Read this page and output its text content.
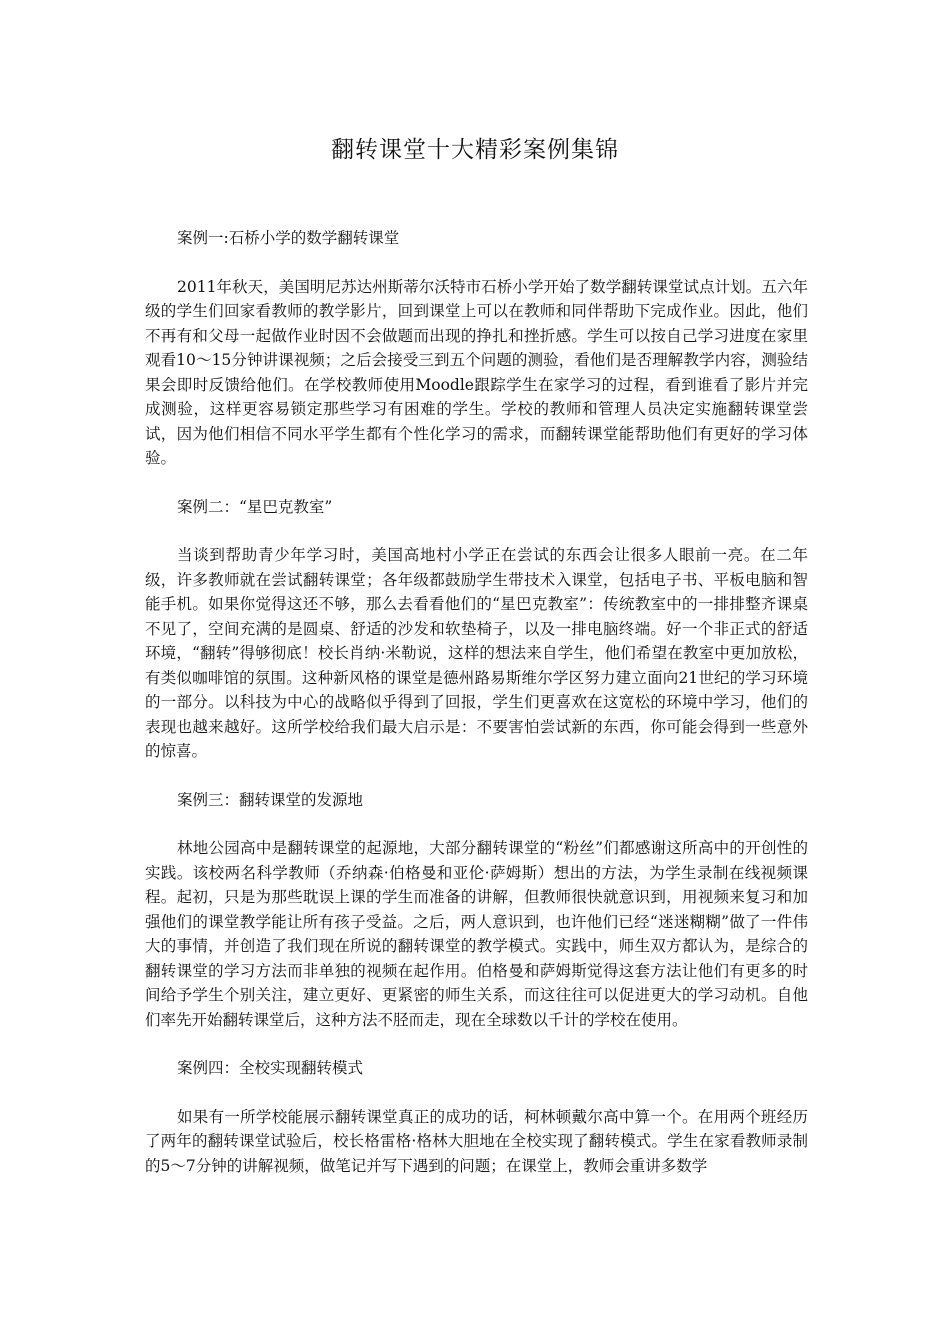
翻转课堂十大精彩案例集锦
案例一:石桥小学的数学翻转课堂

2011年秋天，美国明尼苏达州斯蒂尔沃特市石桥小学开始了数学翻转课堂试点计划。五六年级的学生们回家看教师的教学影片，回到课堂上可以在教师和同伴帮助下完成作业。因此，他们不再有和父母一起做作业时因不会做题而出现的挣扎和挫折感。学生可以按自己学习进度在家里观看10～15分钟讲课视频；之后会接受三到五个问题的测验，看他们是否理解教学内容，测验结果会即时反馈给他们。在学校教师使用Moodle跟踪学生在家学习的过程，看到谁看了影片并完成测验，这样更容易锁定那些学习有困难的学生。学校的教师和管理人员决定实施翻转课堂尝试，因为他们相信不同水平学生都有个性化学习的需求，而翻转课堂能帮助他们有更好的学习体验。

案例二：“星巴克教室”

当谈到帮助青少年学习时，美国高地村小学正在尝试的东西会让很多人眼前一亮。在二年级，许多教师就在尝试翻转课堂；各年级都鼓励学生带技术入课堂，包括电子书、平板电脑和智能手机。如果你觉得这还不够，那么去看看他们的“星巴克教室”：传统教室中的一排排整齐课桌不见了，空间充满的是圆桌、舒适的沙发和软垫椅子，以及一排电脑终端。好一个非正式的舒适环境，“翻转”得够彻底！校长肖纳·米勒说，这样的想法来自学生，他们希望在教室中更加放松，有类似咖啡馆的氛围。这种新风格的课堂是德州路易斯维尔学区努力建立面向21世纪的学习环境的一部分。以科技为中心的战略似乎得到了回报，学生们更喜欢在这宽松的环境中学习，他们的表现也越来越好。这所学校给我们最大启示是：不要害怕尝试新的东西，你可能会得到一些意外的惊喜。

案例三：翻转课堂的发源地

林地公园高中是翻转课堂的起源地，大部分翻转课堂的“粉丝”们都感谢这所高中的开创性的实践。该校两名科学教师（乔纳森·伯格曼和亚伦·萨姆斯）想出的方法，为学生录制在线视频课程。起初，只是为那些耽误上课的学生而准备的讲解，但教师很快就意识到，用视频来复习和加强他们的课堂教学能让所有孩子受益。之后，两人意识到，也许他们已经“迷迷糊糊”做了一件伟大的事情，并创造了我们现在所说的翻转课堂的教学模式。实践中，师生双方都认为，是综合的翻转课堂的学习方法而非单独的视频在起作用。伯格曼和萨姆斯觉得这套方法让他们有更多的时间给予学生个别关注，建立更好、更紧密的师生关系，而这往往可以促进更大的学习动机。自他们率先开始翻转课堂后，这种方法不胫而走，现在全球数以千计的学校在使用。

案例四：全校实现翻转模式

如果有一所学校能展示翻转课堂真正的成功的话，柯林顿戴尔高中算一个。在用两个班经历了两年的翻转课堂试验后，校长格雷格·格林大胆地在全校实现了翻转模式。学生在家看教师录制的5～7分钟的讲解视频，做笔记并写下遇到的问题；在课堂上，教师会重讲多数学
